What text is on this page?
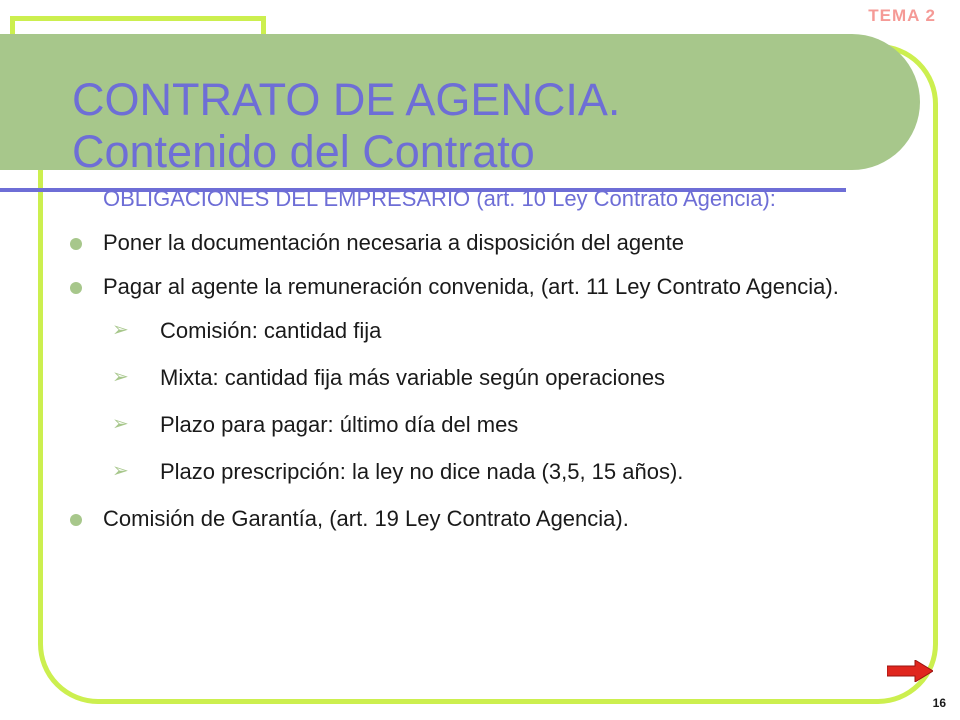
CONTRATO DE AGENCIA.
Contenido del Contrato
TEMA 2
OBLIGACIONES DEL EMPRESARIO (art. 10 Ley Contrato Agencia):
Poner la documentación necesaria a disposición del agente
Pagar al agente la remuneración convenida, (art. 11 Ley Contrato Agencia).
➢ Comisión: cantidad fija
➢ Mixta: cantidad fija más variable según operaciones
➢ Plazo para pagar: último día del mes
➢ Plazo prescripción: la ley no dice nada (3,5, 15 años).
Comisión de Garantía, (art. 19 Ley Contrato Agencia).
16
